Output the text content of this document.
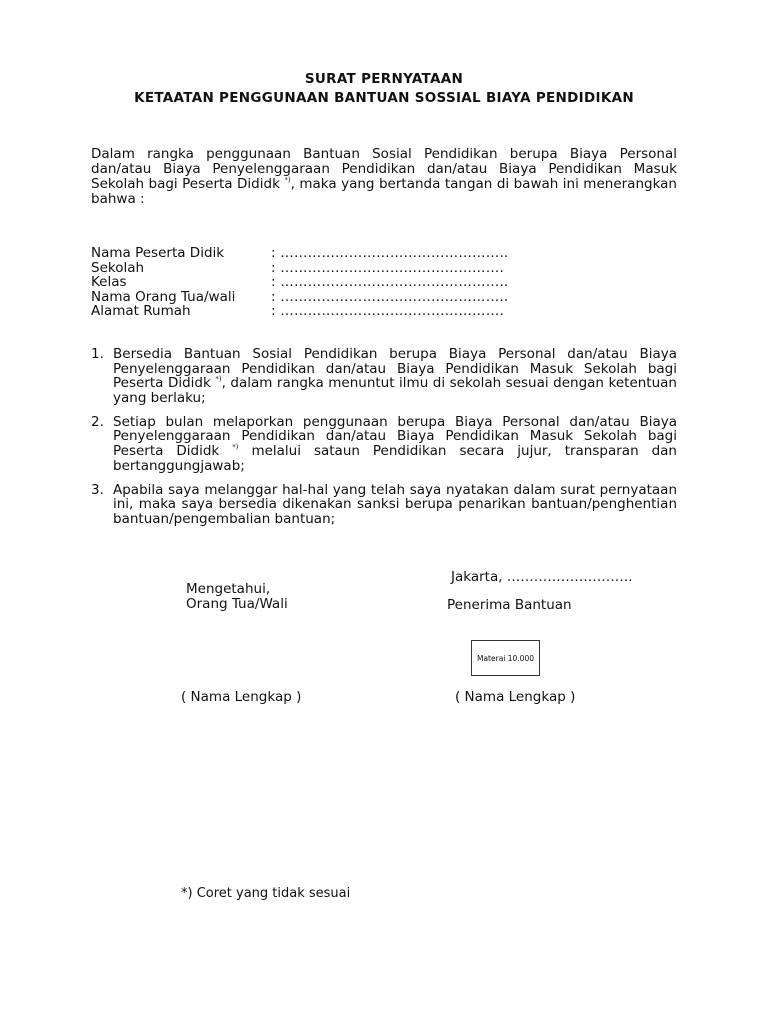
SURAT PERNYATAAN
KETAATAN PENGGUNAAN BANTUAN SOSSIAL BIAYA PENDIDIKAN

Dalam rangka penggunaan Bantuan Sosial Pendidikan berupa Biaya Personal dan/atau Biaya Penyelenggaraan Pendidikan dan/atau Biaya Pendidikan Masuk Sekolah bagi Peserta Dididk *), maka yang bertanda tangan di bawah ini menerangkan bahwa :

Nama Peserta Didik	: …………………………………………..
Sekolah	: ………………………………………….
Kelas	: …………………………………………..
Nama Orang Tua/wali	: …………………………………………..
Alamat Rumah	: ………………………………………….
1. Bersedia Bantuan Sosial Pendidikan berupa Biaya Personal dan/atau Biaya Penyelenggaraan Pendidikan dan/atau Biaya Pendidikan Masuk Sekolah bagi Peserta Dididk *), dalam rangka menuntut ilmu di sekolah sesuai dengan ketentuan yang berlaku;
2. Setiap bulan melaporkan penggunaan berupa Biaya Personal dan/atau Biaya Penyelenggaraan Pendidikan dan/atau Biaya Pendidikan Masuk Sekolah bagi Peserta Dididk *) melalui sataun Pendidikan secara jujur, transparan dan bertanggungjawab;
3. Apabila saya melanggar hal-hal yang telah saya nyatakan dalam surat pernyataan ini, maka saya bersedia dikenakan sanksi berupa penarikan bantuan/penghentian bantuan/pengembalian bantuan;
Jakarta, ……………………….
Mengetahui,
Orang Tua/Wali	Penerima Bantuan
Materai 10.000
( Nama Lengkap )	( Nama Lengkap )
*) Coret yang tidak sesuai
